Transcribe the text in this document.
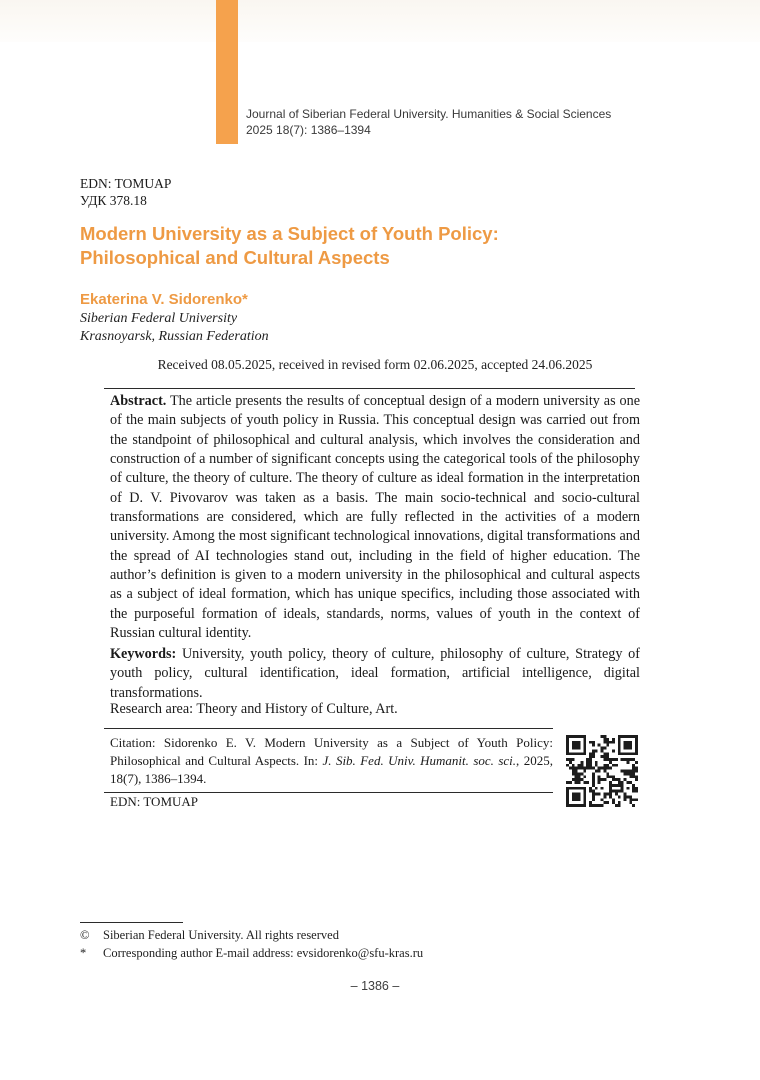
Journal of Siberian Federal University. Humanities & Social Sciences
2025 18(7): 1386–1394
EDN: TOMUAP
УДК 378.18
Modern University as a Subject of Youth Policy:
Philosophical and Cultural Aspects
Ekaterina V. Sidorenko*
Siberian Federal University
Krasnoyarsk, Russian Federation
Received 08.05.2025, received in revised form 02.06.2025, accepted 24.06.2025

Abstract. The article presents the results of conceptual design of a modern university as one of the main subjects of youth policy in Russia. This conceptual design was carried out from the standpoint of philosophical and cultural analysis, which involves the consideration and construction of a number of significant concepts using the categorical tools of the philosophy of culture, the theory of culture. The theory of culture as ideal formation in the interpretation of D. V. Pivovarov was taken as a basis. The main socio-technical and socio-cultural transformations are considered, which are fully reflected in the activities of a modern university. Among the most significant technological innovations, digital transformations and the spread of AI technologies stand out, including in the field of higher education. The author’s definition is given to a modern university in the philosophical and cultural aspects as a subject of ideal formation, which has unique specifics, including those associated with the purposeful formation of ideals, standards, norms, values of youth in the context of Russian cultural identity.

Keywords: University, youth policy, theory of culture, philosophy of culture, Strategy of youth policy, cultural identification, ideal formation, artificial intelligence, digital transformations.

Research area: Theory and History of Culture, Art.

Citation: Sidorenko E. V. Modern University as a Subject of Youth Policy: Philosophical and Cultural Aspects. In: J. Sib. Fed. Univ. Humanit. soc. sci., 2025, 18(7), 1386–1394.

EDN: TOMUAP

©	Siberian Federal University. All rights reserved
*	Corresponding author E-mail address: evsidorenko@sfu-kras.ru
– 1386 –
